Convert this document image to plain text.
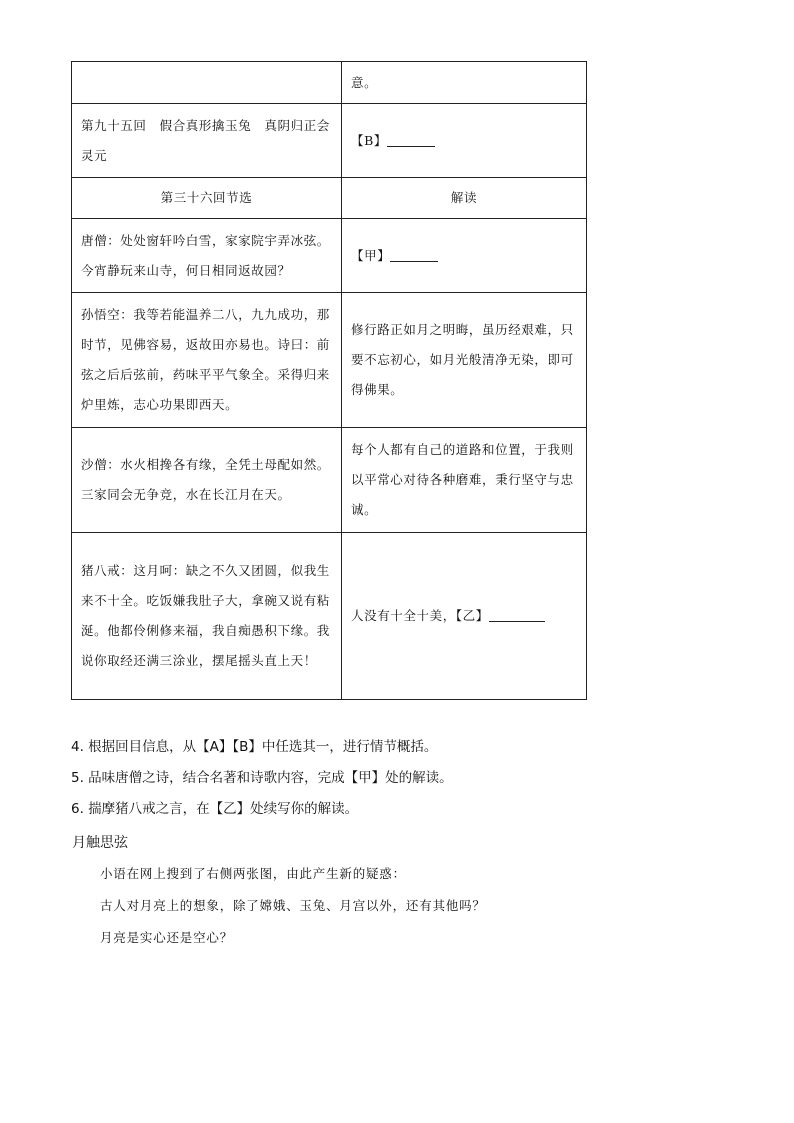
	意。
第九十五回　假合真形擒玉兔　真阴归正会灵元	【B】
第三十六回节选	解读
唐僧：处处窗轩吟白雪，家家院宇弄冰弦。今宵静玩来山寺，何日相同返故园？	【甲】
孙悟空：我等若能温养二八，九九成功，那时节，见佛容易，返故田亦易也。诗曰：前弦之后后弦前，药味平平气象全。采得归来炉里炼，志心功果即西天。	修行路正如月之明晦，虽历经艰难，只要不忘初心，如月光般清净无染，即可得佛果。
沙僧：水火相搀各有缘，全凭土母配如然。三家同会无争竞，水在长江月在天。	每个人都有自己的道路和位置，于我则以平常心对待各种磨难，秉行坚守与忠诚。
猪八戒：这月呵：缺之不久又团圆，似我生来不十全。吃饭嫌我肚子大，拿碗又说有粘涎。他都伶俐修来福，我自痴愚积下缘。我说你取经还满三涂业，摆尾摇头直上天！	人没有十全十美，【乙】
4. 根据回目信息，从【A】【B】中任选其一，进行情节概括。
5. 品味唐僧之诗，结合名著和诗歌内容，完成【甲】处的解读。
6. 揣摩猪八戒之言，在【乙】处续写你的解读。
月触思弦
小语在网上搜到了右侧两张图，由此产生新的疑惑：
古人对月亮上的想象，除了嫦娥、玉兔、月宫以外，还有其他吗？
月亮是实心还是空心？
